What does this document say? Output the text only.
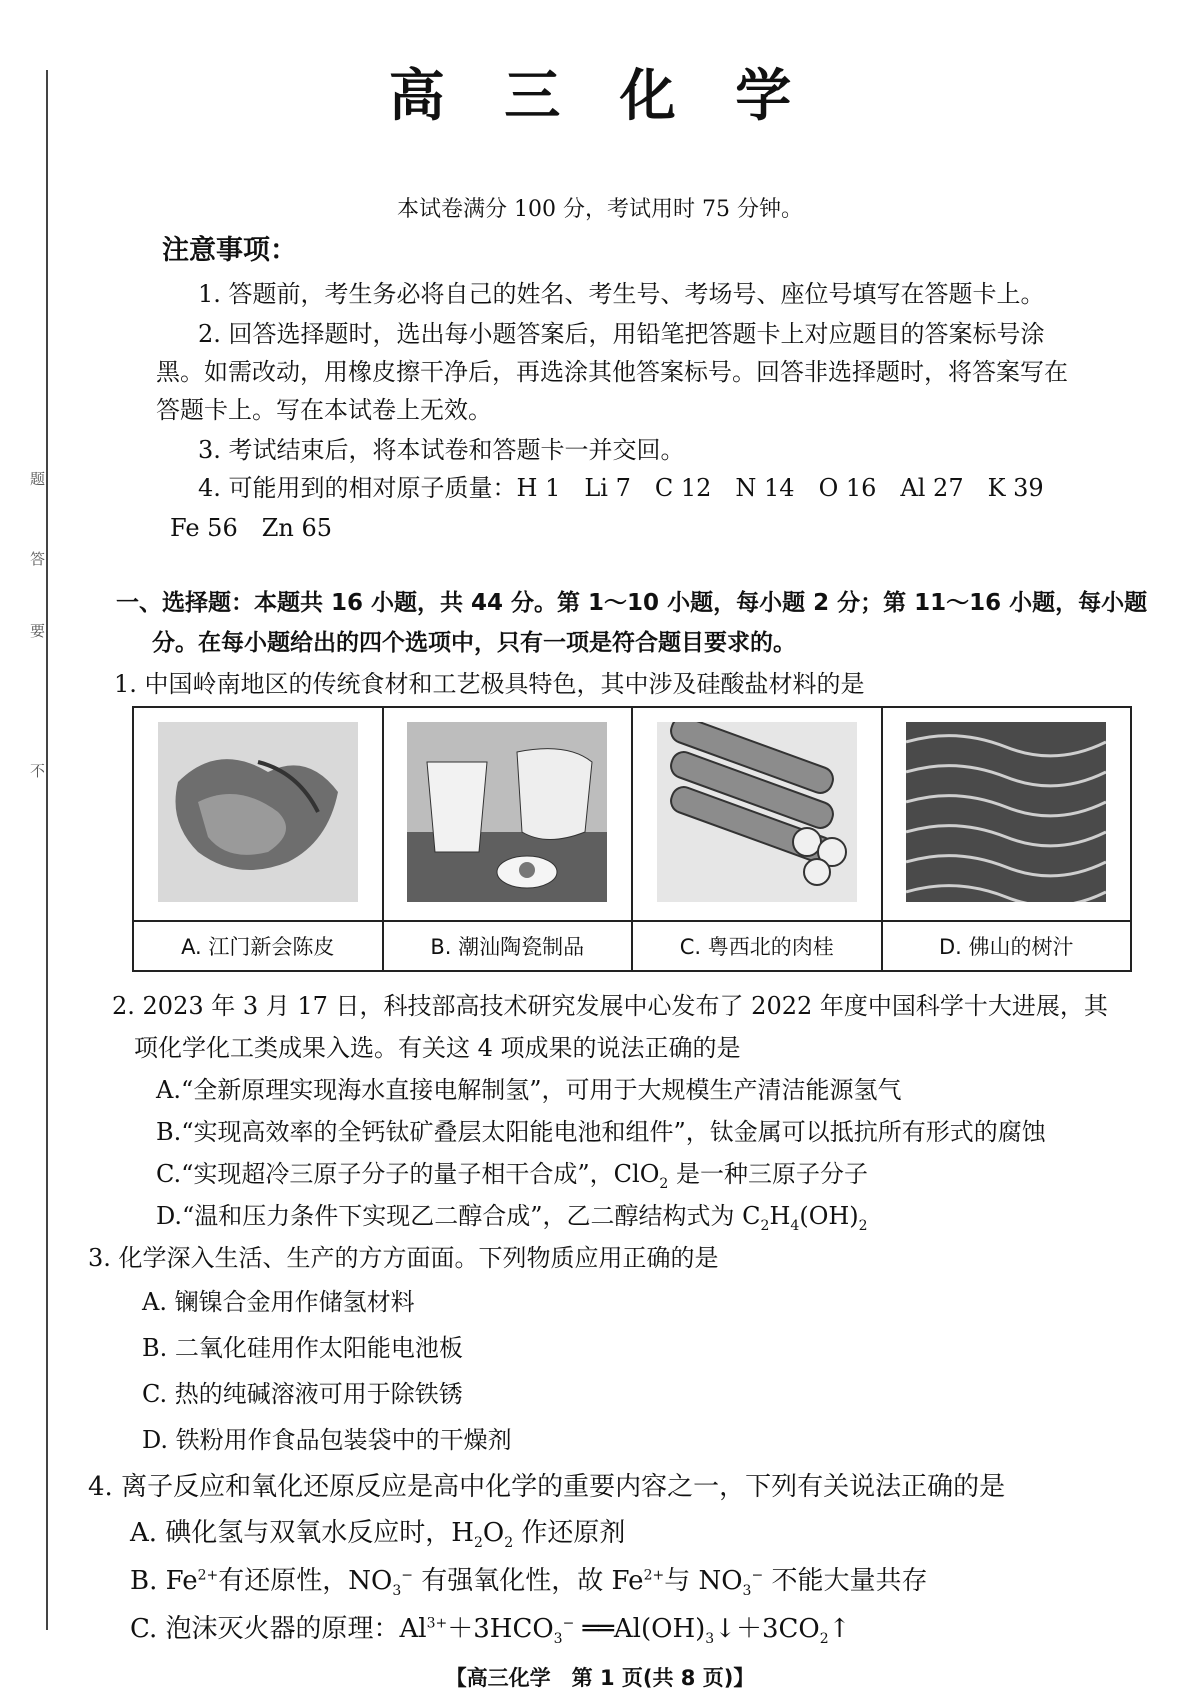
题
答
要
不
高 三 化 学
本试卷满分 100 分，考试用时 75 分钟。
注意事项：
1. 答题前，考生务必将自己的姓名、考生号、考场号、座位号填写在答题卡上。
2. 回答选择题时，选出每小题答案后，用铅笔把答题卡上对应题目的答案标号涂
黑。如需改动，用橡皮擦干净后，再选涂其他答案标号。回答非选择题时，将答案写在
答题卡上。写在本试卷上无效。
3. 考试结束后，将本试卷和答题卡一并交回。
4. 可能用到的相对原子质量：H 1　Li 7　C 12　N 14　O 16　Al 27　K 39
Fe 56　Zn 65
一、选择题：本题共 16 小题，共 44 分。第 1～10 小题，每小题 2 分；第 11～16 小题，每小题
分。在每小题给出的四个选项中，只有一项是符合题目要求的。
1. 中国岭南地区的传统食材和工艺极具特色，其中涉及硅酸盐材料的是

A. 江门新会陈皮	B. 潮汕陶瓷制品	C. 粤西北的肉桂	D. 佛山的树汁
2. 2023 年 3 月 17 日，科技部高技术研究发展中心发布了 2022 年度中国科学十大进展，其
项化学化工类成果入选。有关这 4 项成果的说法正确的是
A.“全新原理实现海水直接电解制氢”，可用于大规模生产清洁能源氢气
B.“实现高效率的全钙钛矿叠层太阳能电池和组件”，钛金属可以抵抗所有形式的腐蚀
C.“实现超冷三原子分子的量子相干合成”，ClO$_2$ 是一种三原子分子
D.“温和压力条件下实现乙二醇合成”，乙二醇结构式为 $C_2H_4(OH)_2$
3. 化学深入生活、生产的方方面面。下列物质应用正确的是
A. 镧镍合金用作储氢材料
B. 二氧化硅用作太阳能电池板
C. 热的纯碱溶液可用于除铁锈
D. 铁粉用作食品包装袋中的干燥剂
4. 离子反应和氧化还原反应是高中化学的重要内容之一，下列有关说法正确的是
A. 碘化氢与双氧水反应时，$H_2O_2$ 作还原剂
B. $Fe^{2+}$有还原性，$NO_3^-$ 有强氧化性，故 $Fe^{2+}$与 $NO_3^-$ 不能大量共存
C. 泡沫灭火器的原理：$Al^{3+}+3HCO_3^-$ $══Al(OH)_3↓+3CO_2↑$
【高三化学　第 1 页(共 8 页)】
